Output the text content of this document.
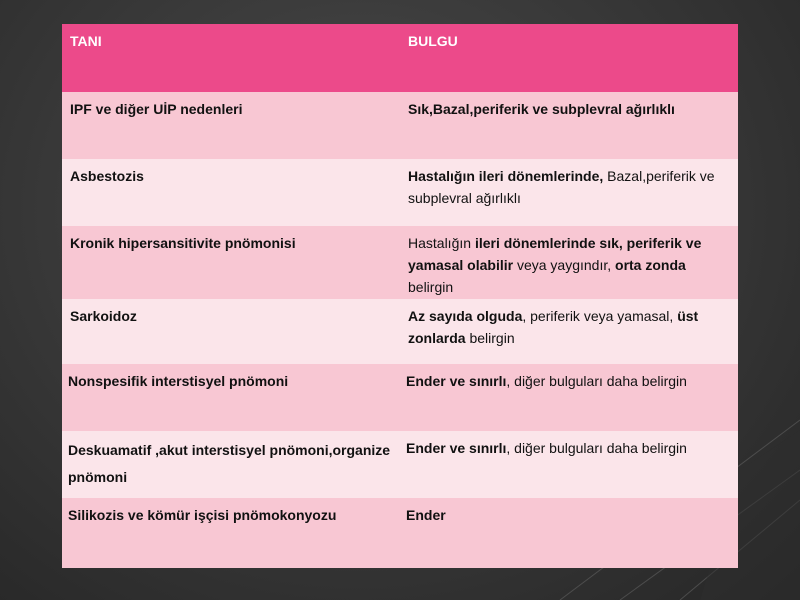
TANI	BULGU
IPF ve diğer UİP nedenleri	Sık,Bazal,periferik ve subplevral ağırlıklı
Asbestozis	Hastalığın ileri dönemlerinde, Bazal,periferik ve subplevral ağırlıklı
Kronik hipersansitivite pnömonisi	Hastalığın ileri dönemlerinde sık, periferik ve yamasal olabilir veya yaygındır, orta zonda belirgin
Sarkoidoz	Az sayıda olguda, periferik veya yamasal, üst zonlarda belirgin
Nonspesifik interstisyel pnömoni	Ender ve sınırlı, diğer bulguları daha belirgin
Deskuamatif ,akut interstisyel pnömoni,organize pnömoni	Ender ve sınırlı, diğer bulguları daha belirgin
Silikozis ve kömür işçisi pnömokonyozu	Ender
